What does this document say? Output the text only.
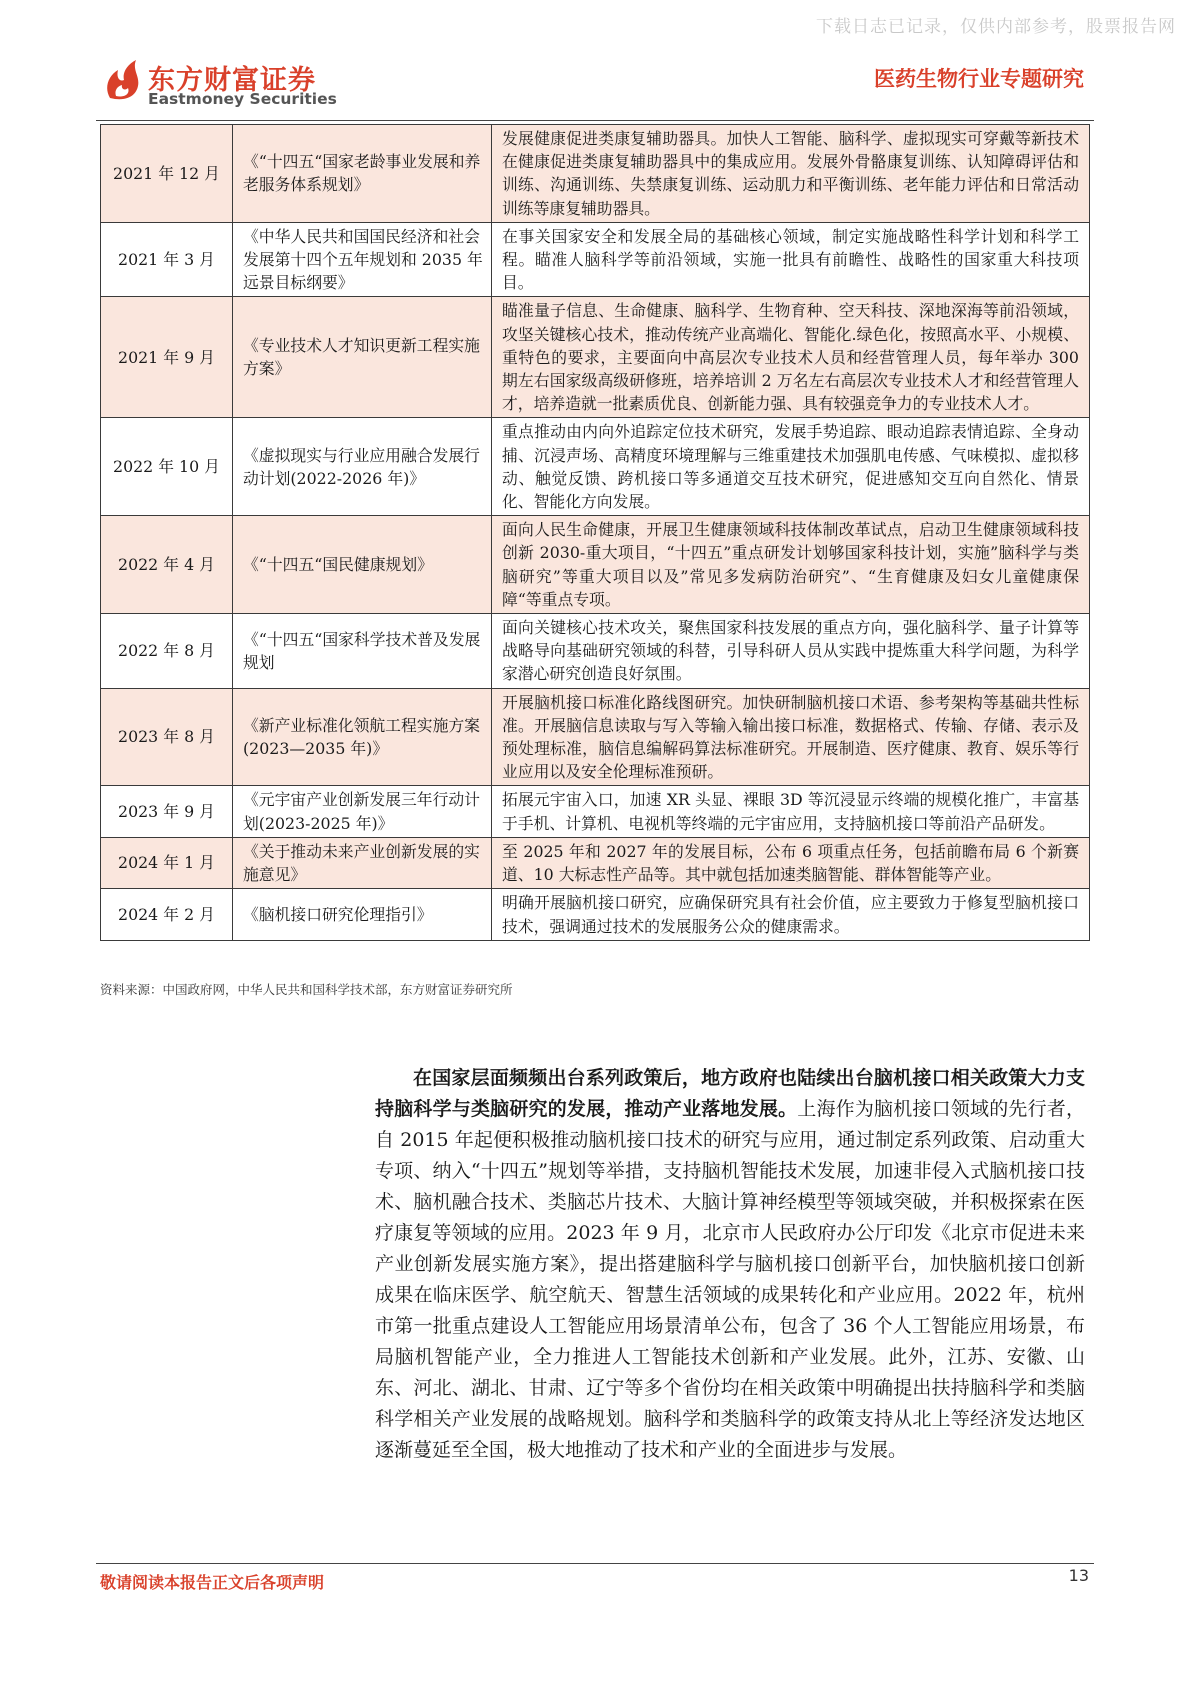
下载日志已记录，仅供内部参考，股票报告网
东方财富证券
Eastmoney Securities
医药生物行业专题研究
2021 年 12 月	《“十四五“国家老龄事业发展和养老服务体系规划》	发展健康促进类康复辅助器具。加快人工智能、脑科学、虚拟现实可穿戴等新技术在健康促进类康复辅助器具中的集成应用。发展外骨骼康复训练、认知障碍评估和训练、沟通训练、失禁康复训练、运动肌力和平衡训练、老年能力评估和日常活动训练等康复辅助器具。
2021 年 3 月	《中华人民共和国国民经济和社会发展第十四个五年规划和 2035 年远景目标纲要》	在事关国家安全和发展全局的基础核心领域，制定实施战略性科学计划和科学工程。瞄准人脑科学等前沿领域，实施一批具有前瞻性、战略性的国家重大科技项目。
2021 年 9 月	《专业技术人才知识更新工程实施方案》	瞄准量子信息、生命健康、脑科学、生物育种、空天科技、深地深海等前沿领域，攻坚关键核心技术，推动传统产业高端化、智能化.绿色化，按照高水平、小规模、重特色的要求，主要面向中高层次专业技术人员和经营管理人员，每年举办 300 期左右国家级高级研修班，培养培训 2 万名左右高层次专业技术人才和经营管理人才，培养造就一批素质优良、创新能力强、具有较强竞争力的专业技术人才。
2022 年 10 月	《虚拟现实与行业应用融合发展行动计划(2022-2026 年)》	重点推动由内向外追踪定位技术研究，发展手势追踪、眼动追踪表情追踪、全身动捕、沉浸声场、高精度环境理解与三维重建技术加强肌电传感、气味模拟、虚拟移动、触觉反馈、跨机接口等多通道交互技术研究，促进感知交互向自然化、情景化、智能化方向发展。
2022 年 4 月	《“十四五“国民健康规划》	面向人民生命健康，开展卫生健康领域科技体制改革试点，启动卫生健康领域科技创新 2030-重大项目，“十四五”重点研发计划够国家科技计划，实施”脑科学与类脑研究”等重大项目以及”常见多发病防治研究”、“生育健康及妇女儿童健康保障“等重点专项。
2022 年 8 月	《“十四五“国家科学技术普及发展规划	面向关键核心技术攻关，聚焦国家科技发展的重点方向，强化脑科学、量子计算等战略导向基础研究领域的科替，引导科研人员从实践中提炼重大科学问题，为科学家潜心研究创造良好氛围。
2023 年 8 月	《新产业标准化领航工程实施方案(2023—2035 年)》	开展脑机接口标准化路线图研究。加快研制脑机接口术语、参考架构等基础共性标准。开展脑信息读取与写入等输入输出接口标准，数据格式、传输、存储、表示及预处理标准，脑信息编解码算法标准研究。开展制造、医疗健康、教育、娱乐等行业应用以及安全伦理标准预研。
2023 年 9 月	《元宇宙产业创新发展三年行动计划(2023-2025 年)》	拓展元宇宙入口，加速 XR 头显、裸眼 3D 等沉浸显示终端的规模化推广，丰富基于手机、计算机、电视机等终端的元宇宙应用，支持脑机接口等前沿产品研发。
2024 年 1 月	《关于推动未来产业创新发展的实施意见》	至 2025 年和 2027 年的发展目标，公布 6 项重点任务，包括前瞻布局 6 个新赛道、10 大标志性产品等。其中就包括加速类脑智能、群体智能等产业。
2024 年 2 月	《脑机接口研究伦理指引》	明确开展脑机接口研究，应确保研究具有社会价值，应主要致力于修复型脑机接口技术，强调通过技术的发展服务公众的健康需求。
资料来源：中国政府网，中华人民共和国科学技术部，东方财富证券研究所
在国家层面频频出台系列政策后，地方政府也陆续出台脑机接口相关政策大力支持脑科学与类脑研究的发展，推动产业落地发展。上海作为脑机接口领域的先行者，自 2015 年起便积极推动脑机接口技术的研究与应用，通过制定系列政策、启动重大专项、纳入“十四五”规划等举措，支持脑机智能技术发展，加速非侵入式脑机接口技术、脑机融合技术、类脑芯片技术、大脑计算神经模型等领域突破，并积极探索在医疗康复等领域的应用。2023 年 9 月，北京市人民政府办公厅印发《北京市促进未来产业创新发展实施方案》，提出搭建脑科学与脑机接口创新平台，加快脑机接口创新成果在临床医学、航空航天、智慧生活领域的成果转化和产业应用。2022 年，杭州市第一批重点建设人工智能应用场景清单公布，包含了 36 个人工智能应用场景，布局脑机智能产业，全力推进人工智能技术创新和产业发展。此外，江苏、安徽、山东、河北、湖北、甘肃、辽宁等多个省份均在相关政策中明确提出扶持脑科学和类脑科学相关产业发展的战略规划。脑科学和类脑科学的政策支持从北上等经济发达地区逐渐蔓延至全国，极大地推动了技术和产业的全面进步与发展。
敬请阅读本报告正文后各项声明	13
